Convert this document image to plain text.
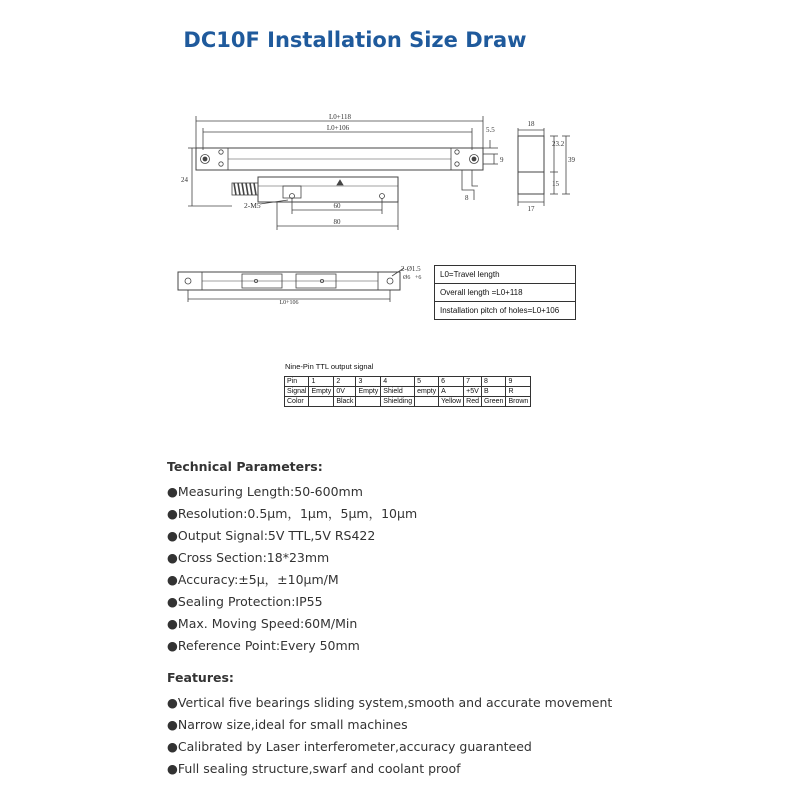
DC10F Installation Size Draw
L0+118
L0+106	5.5
9
8
24
2-M5	60
80
18
23.2
39
15
17
L0+106
2-Ø1.5
Ø6 +6	L0=Travel length
Overall length =L0+118
Installation pitch of holes=L0+106
Nine-Pin TTL output signal
Pin	1	2	3	4	5	6	7	8	9
Signal	Empty	0V	Empty	Shield	empty	A	+5V	B	R
Color		Black		Shielding		Yellow	Red	Green	Brown
Technical Parameters:
●Measuring Length:50-600mm
●Resolution:0.5μm，1μm，5μm，10μm
●Output Signal:5V TTL,5V RS422
●Cross Section:18*23mm
●Accuracy:±5μ，±10μm/M
●Sealing Protection:IP55
●Max. Moving Speed:60M/Min
●Reference Point:Every 50mm
Features:
●Vertical five bearings sliding system,smooth and accurate movement
●Narrow size,ideal for small machines
●Calibrated by Laser interferometer,accuracy guaranteed
●Full sealing structure,swarf and coolant proof
